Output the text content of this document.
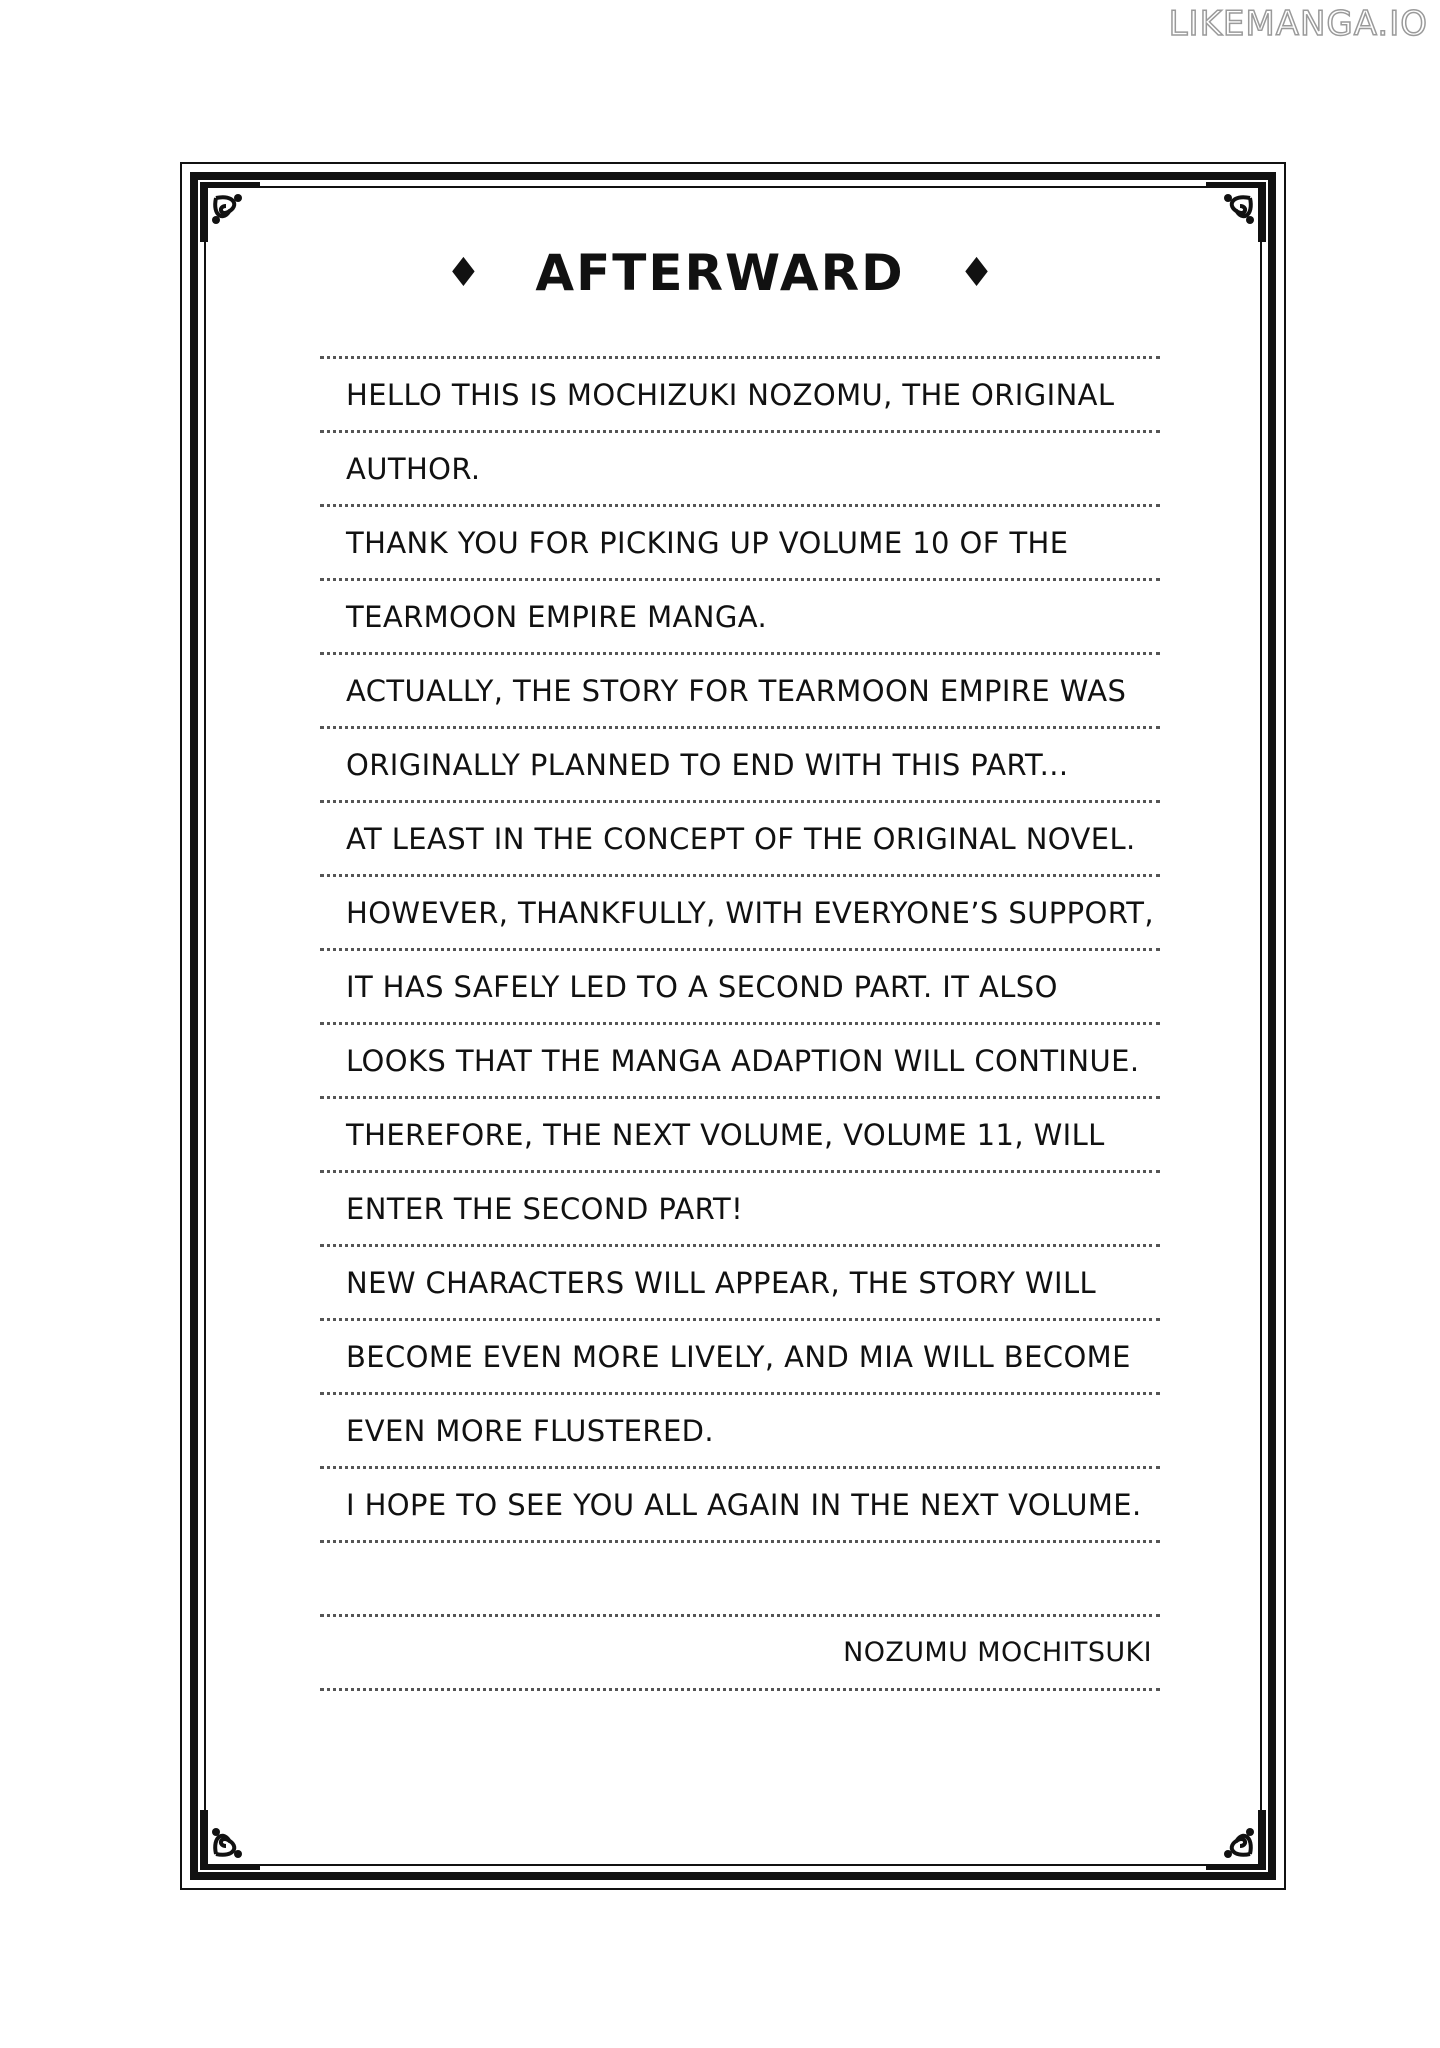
LIKEMANGA.IO
♦ AFTERWARD ♦
HELLO THIS IS MOCHIZUKI NOZOMU, THE ORIGINAL
AUTHOR.
THANK YOU FOR PICKING UP VOLUME 10 OF THE
TEARMOON EMPIRE MANGA.
ACTUALLY, THE STORY FOR TEARMOON EMPIRE WAS
ORIGINALLY PLANNED TO END WITH THIS PART...
AT LEAST IN THE CONCEPT OF THE ORIGINAL NOVEL.
HOWEVER, THANKFULLY, WITH EVERYONE’S SUPPORT,
IT HAS SAFELY LED TO A SECOND PART. IT ALSO
LOOKS THAT THE MANGA ADAPTION WILL CONTINUE.
THEREFORE, THE NEXT VOLUME, VOLUME 11, WILL
ENTER THE SECOND PART!
NEW CHARACTERS WILL APPEAR, THE STORY WILL
BECOME EVEN MORE LIVELY, AND MIA WILL BECOME
EVEN MORE FLUSTERED.
I HOPE TO SEE YOU ALL AGAIN IN THE NEXT VOLUME.
NOZUMU MOCHITSUKI
